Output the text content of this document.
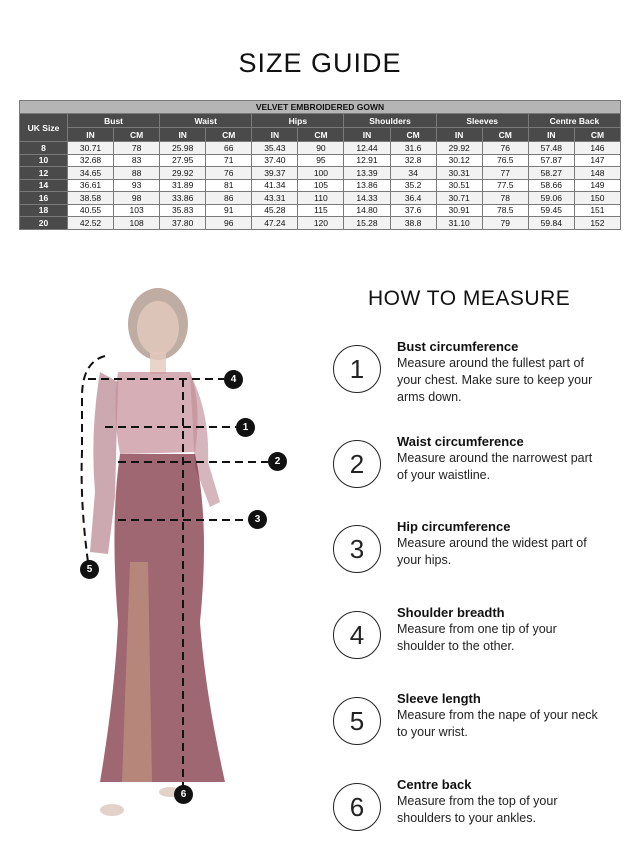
SIZE GUIDE
VELVET EMBROIDERED GOWN												
UK Size	Bust		Waist		Hips		Shoulders		Sleeves		Centre Back	
	IN	CM	IN	CM	IN	CM	IN	CM	IN	CM	IN	CM
8	30.71	78	25.98	66	35.43	90	12.44	31.6	29.92	76	57.48	146
10	32.68	83	27.95	71	37.40	95	12.91	32.8	30.12	76.5	57.87	147
12	34.65	88	29.92	76	39.37	100	13.39	34	30.31	77	58.27	148
14	36.61	93	31.89	81	41.34	105	13.86	35.2	30.51	77.5	58.66	149
16	38.58	98	33.86	86	43.31	110	14.33	36.4	30.71	78	59.06	150
18	40.55	103	35.83	91	45.28	115	14.80	37.6	30.91	78.5	59.45	151
20	42.52	108	37.80	96	47.24	120	15.28	38.8	31.10	79	59.84	152
4
1
2
3
5
6
HOW TO MEASURE
1
Bust circumference
Measure around the fullest part of your chest. Make sure to keep your arms down.
2
Waist circumference
Measure around the narrowest part of your waistline.
3
Hip circumference
Measure around the widest part of your hips.
4
Shoulder breadth
Measure from one tip of your shoulder to the other.
5
Sleeve length
Measure from the nape of your neck to your wrist.
6
Centre back
Measure from the top of your shoulders to your ankles.
